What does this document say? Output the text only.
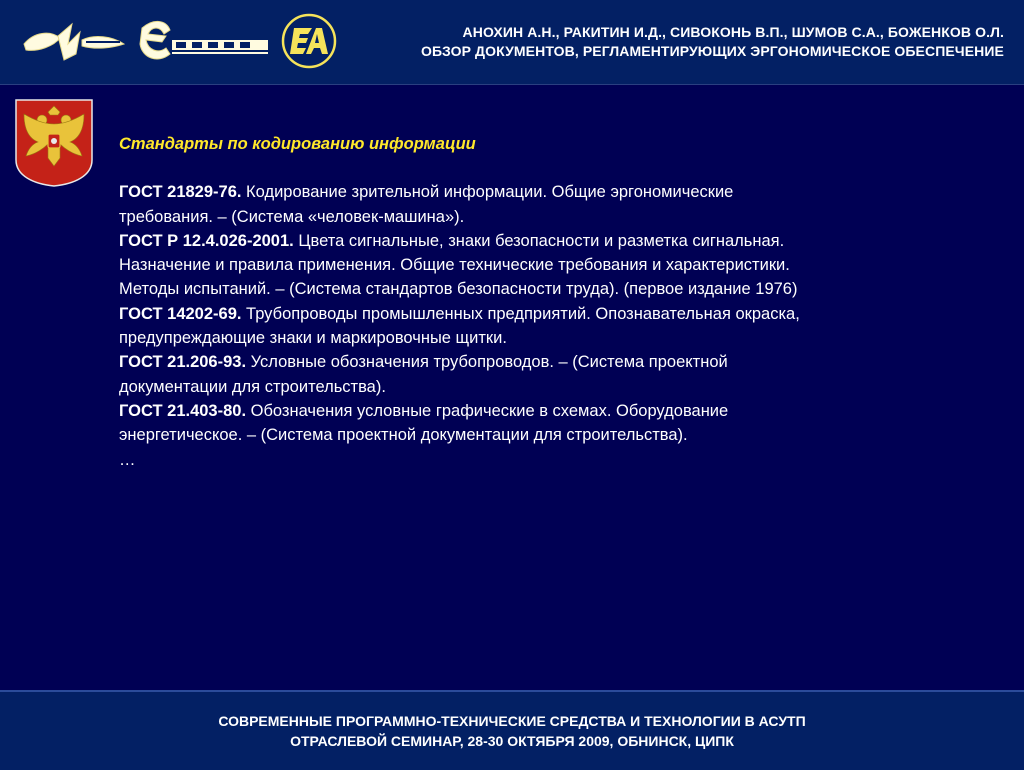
АНОХИН А.Н., РАКИТИН И.Д., СИВОКОНЬ В.П., ШУМОВ С.А., БОЖЕНКОВ О.Л.
ОБЗОР ДОКУМЕНТОВ, РЕГЛАМЕНТИРУЮЩИХ ЭРГОНОМИЧЕСКОЕ ОБЕСПЕЧЕНИЕ
Стандарты по кодированию информации
ГОСТ 21829-76. Кодирование зрительной информации. Общие эргономические
требования. – (Система «человек-машина»).
ГОСТ Р 12.4.026-2001. Цвета сигнальные, знаки безопасности и разметка сигнальная.
Назначение и правила применения. Общие технические требования и характеристики.
Методы испытаний. – (Система стандартов безопасности труда). (первое издание 1976)
ГОСТ 14202-69. Трубопроводы промышленных предприятий. Опознавательная окраска,
предупреждающие знаки и маркировочные щитки.
ГОСТ 21.206-93. Условные обозначения трубопроводов. – (Система проектной
документации для строительства).
ГОСТ 21.403-80. Обозначения условные графические в схемах. Оборудование
энергетическое. – (Система проектной документации для строительства).
…
СОВРЕМЕННЫЕ ПРОГРАММНО-ТЕХНИЧЕСКИЕ СРЕДСТВА И ТЕХНОЛОГИИ В АСУТП
ОТРАСЛЕВОЙ СЕМИНАР, 28-30 ОКТЯБРЯ 2009, ОБНИНСК, ЦИПК
